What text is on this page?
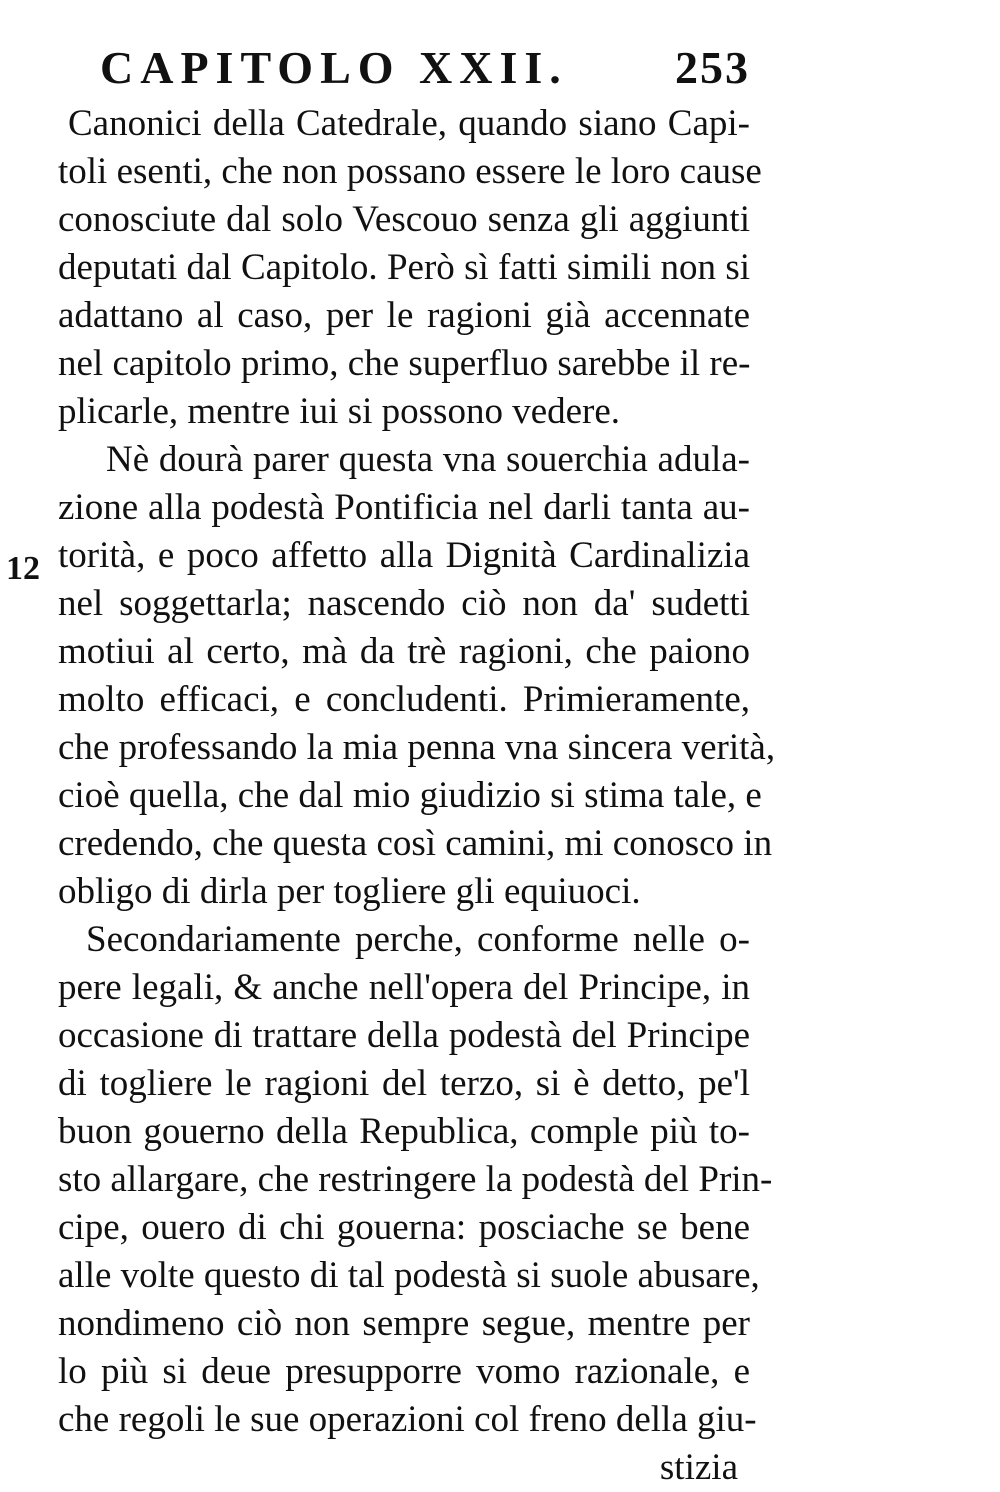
CAPITOLO XXII. 253
12
Canonici della Catedrale, quando siano Capi-
toli esenti, che non possano essere le loro cause
conosciute dal solo Vescouo senza gli aggiunti
deputati dal Capitolo. Però sì fatti simili non si
adattano al caso, per le ragioni già accennate
nel capitolo primo, che superfluo sarebbe il re-
plicarle, mentre iui si possono vedere.
Nè dourà parer questa vna souerchia adula-
zione alla podestà Pontificia nel darli tanta au-
torità, e poco affetto alla Dignità Cardinalizia
nel soggettarla; nascendo ciò non da' sudetti
motiui al certo, mà da trè ragioni, che paiono
molto efficaci, e concludenti. Primieramente,
che professando la mia penna vna sincera verità,
cioè quella, che dal mio giudizio si stima tale, e
credendo, che questa così camini, mi conosco in
obligo di dirla per togliere gli equiuoci.
Secondariamente perche, conforme nelle o-
pere legali, & anche nell'opera del Principe, in
occasione di trattare della podestà del Principe
di togliere le ragioni del terzo, si è detto, pe'l
buon gouerno della Republica, comple più to-
sto allargare, che restringere la podestà del Prin-
cipe, ouero di chi gouerna: posciache se bene
alle volte questo di tal podestà si suole abusare,
nondimeno ciò non sempre segue, mentre per
lo più si deue presupporre vomo razionale, e
che regoli le sue operazioni col freno della giu-
stizia
